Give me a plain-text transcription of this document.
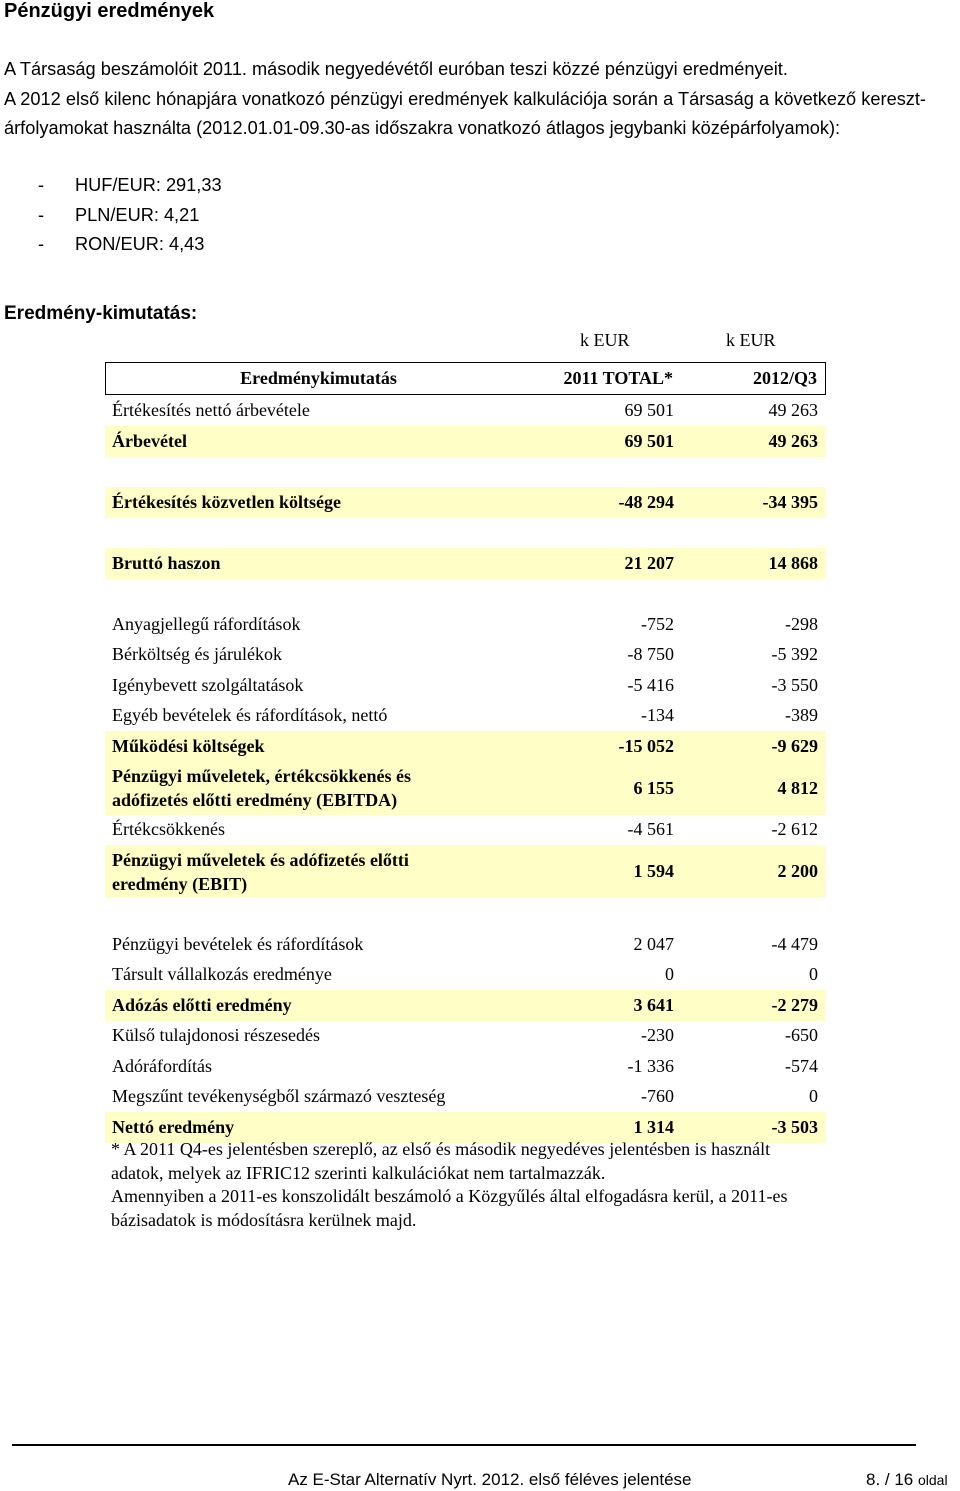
Pénzügyi eredmények

A Társaság beszámolóit 2011. második negyedévétől euróban teszi közzé pénzügyi eredményeit.

A 2012 első kilenc hónapjára vonatkozó pénzügyi eredmények kalkulációja során a Társaság a következő kereszt-árfolyamokat használta (2012.01.01-09.30-as időszakra vonatkozó átlagos jegybanki középárfolyamok):

- HUF/EUR: 291,33
- PLN/EUR: 4,21
- RON/EUR: 4,43
Eredmény-kimutatás:
k EUR	k EUR
Eredménykimutatás	2011 TOTAL*	2012/Q3
Értékesítés nettó árbevétele	69 501	49 263
Árbevétel	69 501	49 263
Értékesítés közvetlen költsége	-48 294	-34 395
Bruttó haszon	21 207	14 868
Anyagjellegű ráfordítások	-752	-298
Bérköltség és járulékok	-8 750	-5 392
Igénybevett szolgáltatások	-5 416	-3 550
Egyéb bevételek és ráfordítások, nettó	-134	-389
Működési költségek	-15 052	-9 629
Pénzügyi műveletek, értékcsökkenés és
adófizetés előtti eredmény (EBITDA)
6 155	4 812
Értékcsökkenés	-4 561	-2 612
Pénzügyi műveletek és adófizetés előtti
eredmény (EBIT)
1 594	2 200
Pénzügyi bevételek és ráfordítások	2 047	-4 479
Társult vállalkozás eredménye	0	0
Adózás előtti eredmény	3 641	-2 279
Külső tulajdonosi részesedés	-230	-650
Adóráfordítás	-1 336	-574
Megszűnt tevékenységből származó veszteség	-760	0
Nettó eredmény	1 314	-3 503

* A 2011 Q4-es jelentésben szereplő, az első és második negyedéves jelentésben is használt adatok, melyek az IFRIC12 szerinti kalkulációkat nem tartalmazzák.

Amennyiben a 2011-es konszolidált beszámoló a Közgyűlés által elfogadásra kerül, a 2011-es bázisadatok is módosításra kerülnek majd.

Az E-Star Alternatív Nyrt. 2012. első féléves jelentése	8. / 16 oldal
